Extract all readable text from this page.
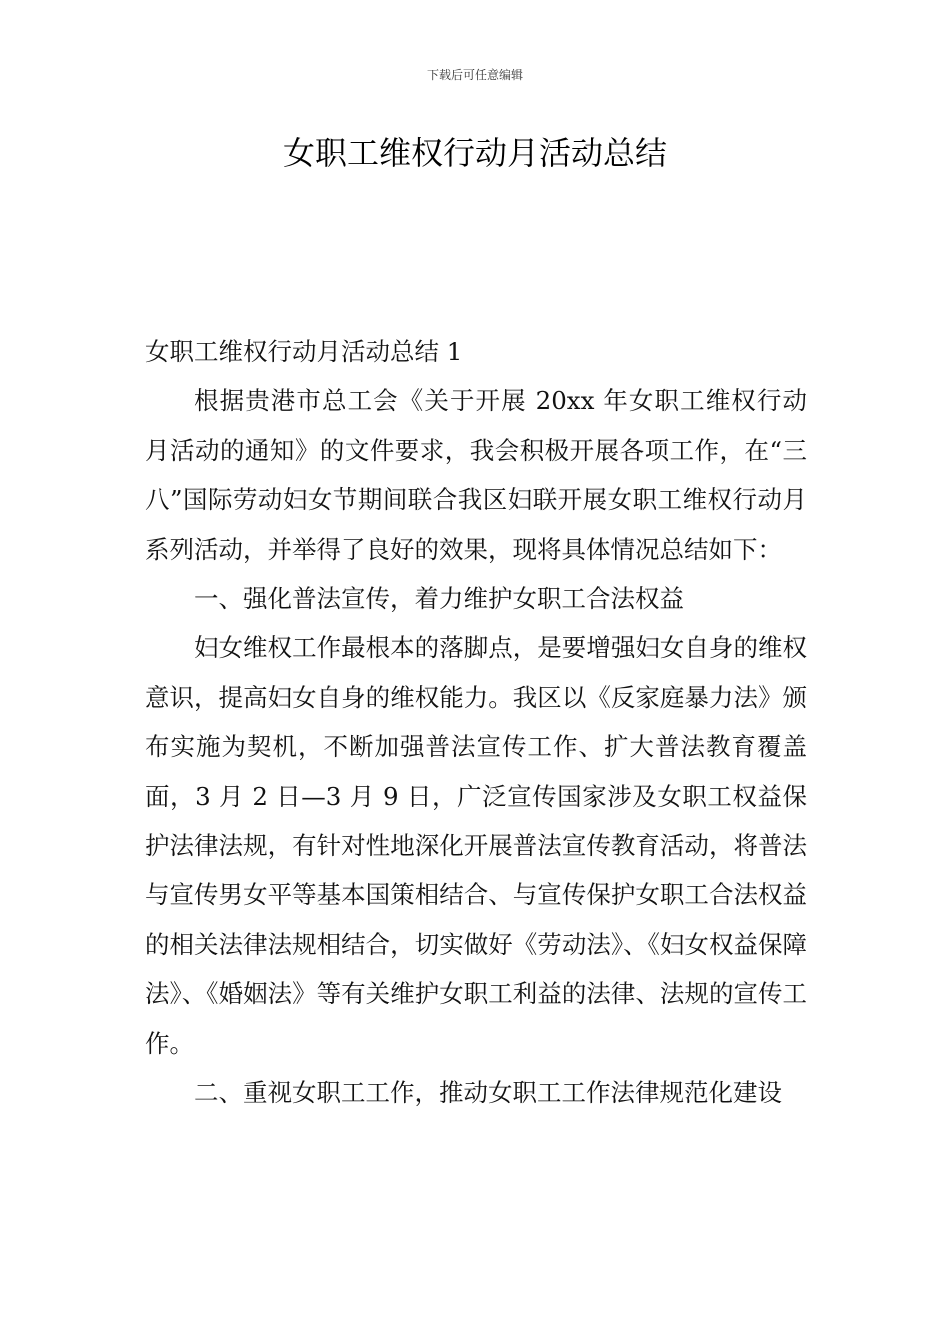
下载后可任意编辑
女职工维权行动月活动总结

女职工维权行动月活动总结 1

根据贵港市总工会《关于开展 20xx 年女职工维权行动月活动的通知》的文件要求，我会积极开展各项工作，在“三八”国际劳动妇女节期间联合我区妇联开展女职工维权行动月系列活动，并举得了良好的效果，现将具体情况总结如下：

一、强化普法宣传，着力维护女职工合法权益

妇女维权工作最根本的落脚点，是要增强妇女自身的维权意识，提高妇女自身的维权能力。我区以《反家庭暴力法》颁布实施为契机，不断加强普法宣传工作、扩大普法教育覆盖面，3 月 2 日—3 月 9 日，广泛宣传国家涉及女职工权益保护法律法规，有针对性地深化开展普法宣传教育活动，将普法与宣传男女平等基本国策相结合、与宣传保护女职工合法权益的相关法律法规相结合，切实做好《劳动法》、《妇女权益保障法》、《婚姻法》等有关维护女职工利益的法律、法规的宣传工作。

二、重视女职工工作，推动女职工工作法律规范化建设
